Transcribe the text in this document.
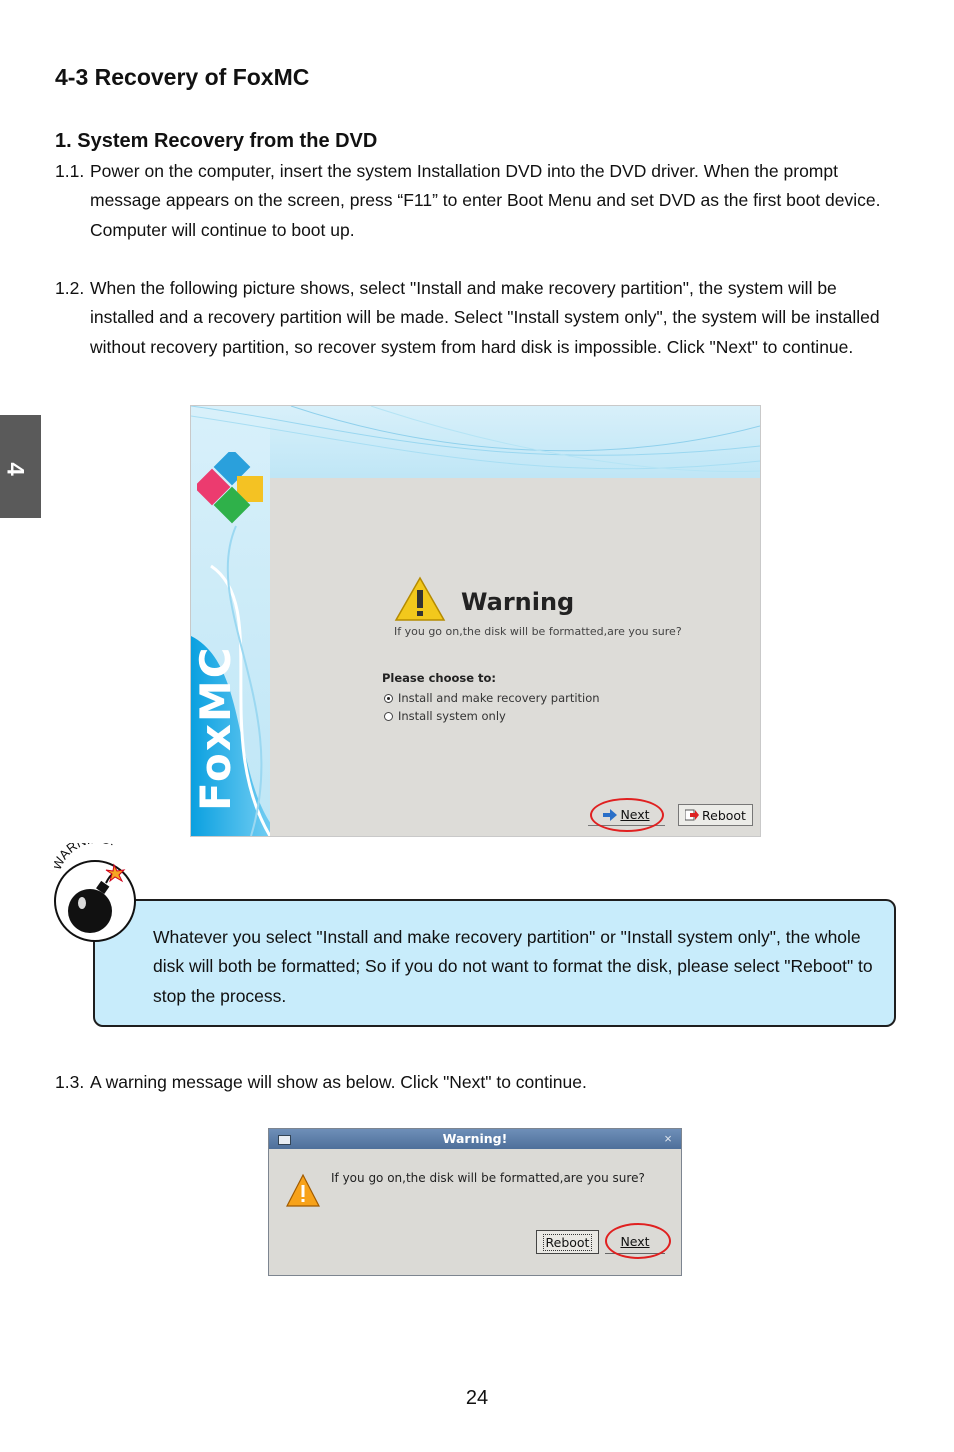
4
4-3 Recovery of FoxMC
1. System Recovery from the DVD
1.1. Power on the computer, insert the system Installation DVD into the DVD driver. When the prompt message appears on the screen, press “F11” to enter Boot Menu and set DVD as the first boot device. Computer will continue to boot up.
1.2. When the following picture shows, select "Install and make recovery partition", the system will be installed and a recovery partition will be made. Select "Install system only", the system will be installed without recovery partition, so recover system from hard disk is impossible. Click "Next" to continue.
FoxMC
Warning
If you go on,the disk will be formatted,are you sure?
Please choose to:
Install and make recovery partition
Install system only
Next	Reboot
AR
Whatever you select "Install and make recovery partition" or "Install system only", the whole disk will both be formatted; So if you do not want to format the disk, please select "Reboot" to stop the process.
1.3. A warning message will show as below. Click "Next" to continue.
Warning!	×
If you go on,the disk will be formatted,are you sure?
Reboot Next
24
